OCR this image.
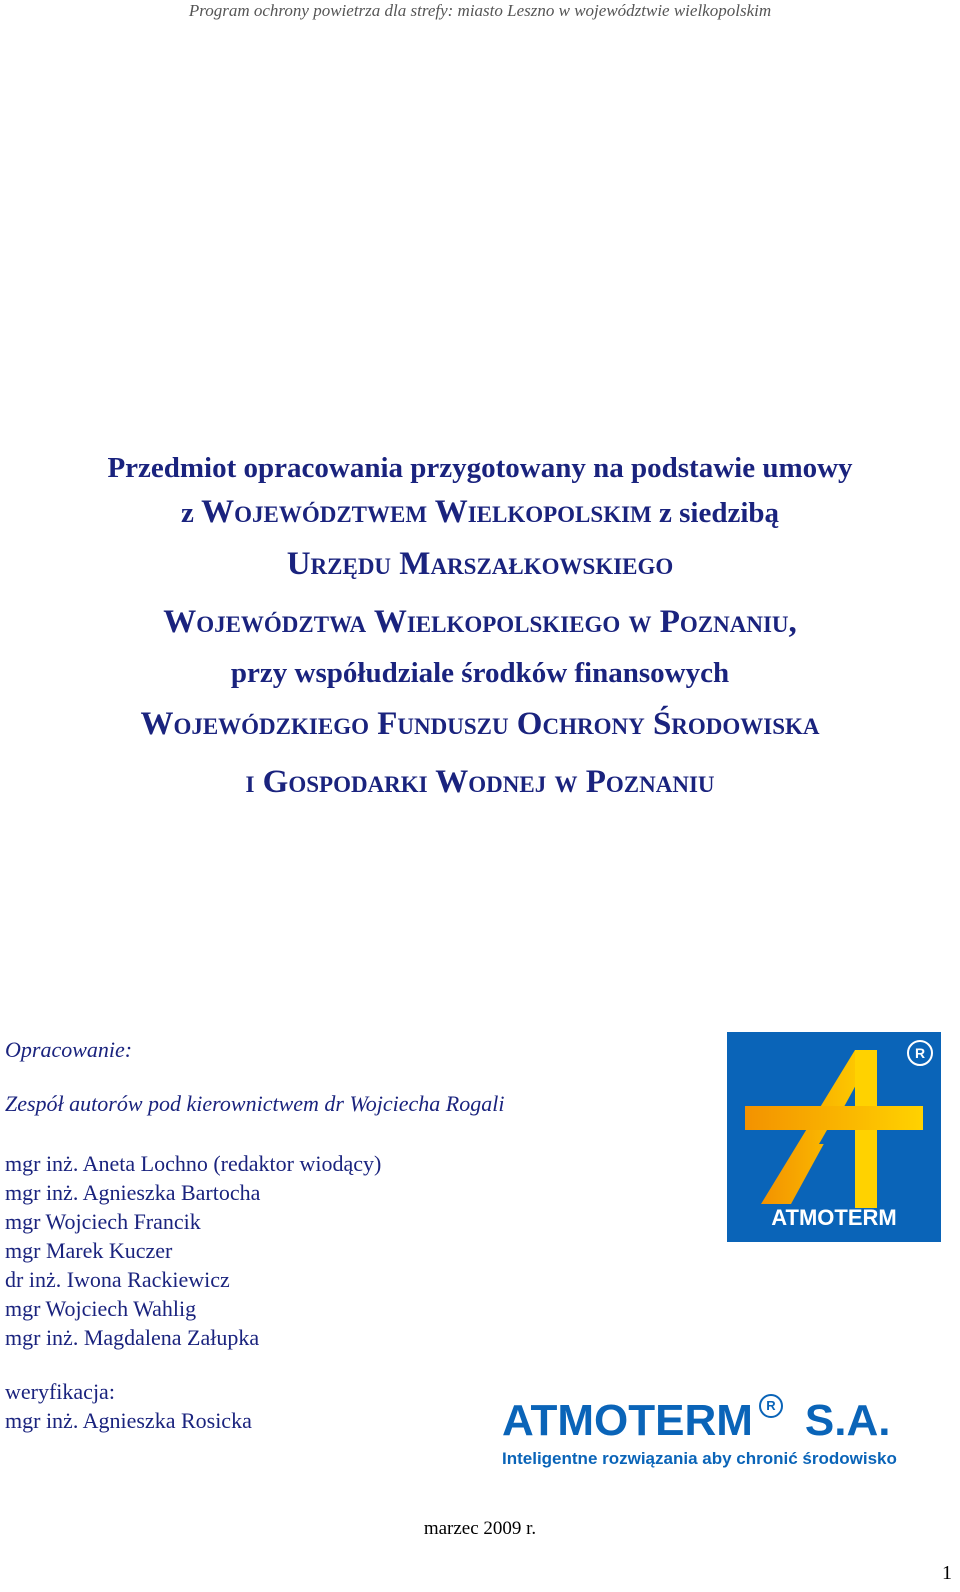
Program ochrony powietrza dla strefy: miasto Leszno w województwie wielkopolskim
Przedmiot opracowania przygotowany na podstawie umowy
z Województwem Wielkopolskim z siedzibą
Urzędu Marszałkowskiego
Województwa Wielkopolskiego w Poznaniu,
przy współudziale środków finansowych
Wojewódzkiego Funduszu Ochrony Środowiska
i Gospodarki Wodnej w Poznaniu
Opracowanie:
Zespół autorów pod kierownictwem dr Wojciecha Rogali
mgr inż. Aneta Lochno (redaktor wiodący)
mgr inż. Agnieszka Bartocha
mgr Wojciech Francik
mgr Marek Kuczer
dr inż. Iwona Rackiewicz
mgr Wojciech Wahlig
mgr inż. Magdalena Załupka
weryfikacja:
mgr inż. Agnieszka Rosicka
R
ATMOTERM
ATMOTERM	R S.A.
Inteligentne rozwiązania aby chronić środowisko
marzec 2009 r.
1
